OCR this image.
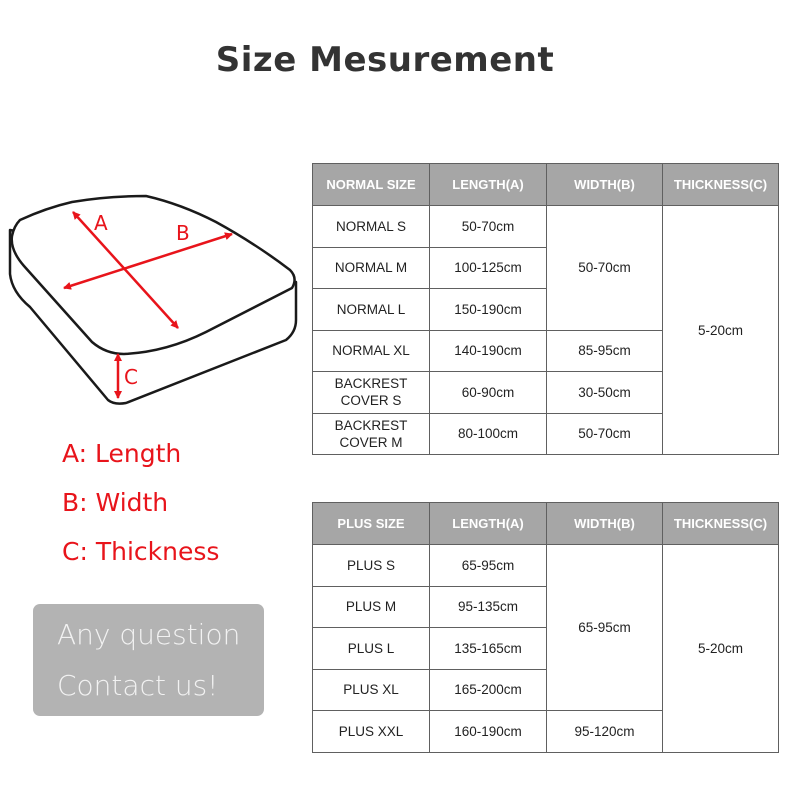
Size Mesurement
A	B
C
A: Length
B: Width
C: Thickness
Any question
Contact us!
NORMAL SIZE	LENGTH(A)	WIDTH(B)	THICKNESS(C)
NORMAL S	50-70cm	50-70cm	5-20cm
NORMAL M	100-125cm		
NORMAL L	150-190cm		
NORMAL XL	140-190cm	85-95cm	
BACKREST COVER S	60-90cm	30-50cm	
BACKREST COVER M	80-100cm	50-70cm	
PLUS SIZE	LENGTH(A)	WIDTH(B)	THICKNESS(C)
PLUS S	65-95cm	65-95cm	5-20cm
PLUS M	95-135cm		
PLUS L	135-165cm		
PLUS XL	165-200cm		
PLUS XXL	160-190cm	95-120cm	
